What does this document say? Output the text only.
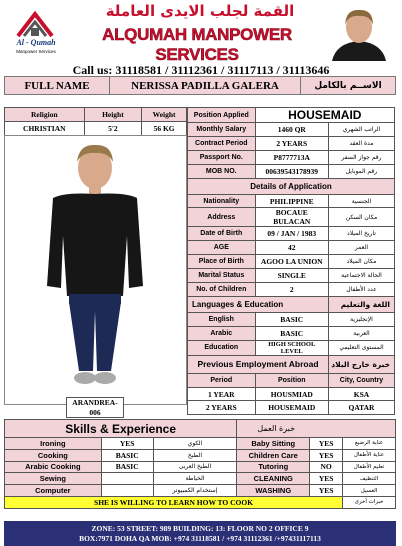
Al - Qumah
Manpower Services
القمة لجلب الايدى العاملة
ALQUMAH MANPOWER SERVICES
Call us: 31118581 / 31112361 / 31117113 / 31113646
FULL NAME	NERISSA PADILLA GALERA	الاســم بالكامل
Religion	Height	Weight
CHRISTIAN	5'2	56 KG
ARANDREA-006
Position Applied	HOUSEMAID	
Monthly Salary	1460 QR	الراتب الشهري
Contract Period	2 YEARS	مدة العقد
Passport No.	P8777713A	رقم جواز السفر
MOB NO.	00639543178939	رقم الموبايل
Details of Application		
Nationality	PHILIPPINE	الجنسية
Address	BOCAUE BULACAN	مكان السكن
Date of Birth	09 / JAN / 1983	تاريخ الميلاد
AGE	42	العمر
Place of Birth	AGOO LA UNION	مكان الميلاد
Marital Status	SINGLE	الحالة الاجتماعية
No. of Children	2	عدد الأطفال
Languages & Education		اللغة والتعليم
English	BASIC	الإنجليزية
Arabic	BASIC	العربية
Education	HIGH SCHOOL LEVEL	المستوى التعليمي
Previous Employment Abroad		خبرة خارج البلاد
Period	Position	City, Country
1 YEAR	HOUSMIAD	KSA
2 YEARS	HOUSEMAID	QATAR
Skills & Experience			خبرة العمل		
Ironing	YES	الكوي	Baby Sitting	YES	عناية الرضيع
Cooking	BASIC	الطبخ	Children Care	YES	عناية الأطفال
Arabic Cooking	BASIC	الطبخ العربى	Tutoring	NO	تعليم الأطفال
Sewing		الخياطة	CLEANING	YES	التنظيف
Computer		إستخدام الكمبيوتر	WASHING	YES	الغسيل
SHE IS WILLING TO LEARN HOW TO COOK					خبرات أخرى
ZONE: 53 STREET: 989 BUILDING: 13: FLOOR NO 2 OFFICE 9
BOX:7971 DOHA QA MOB: +974 31118581 / +974 31112361 /+97431117113
